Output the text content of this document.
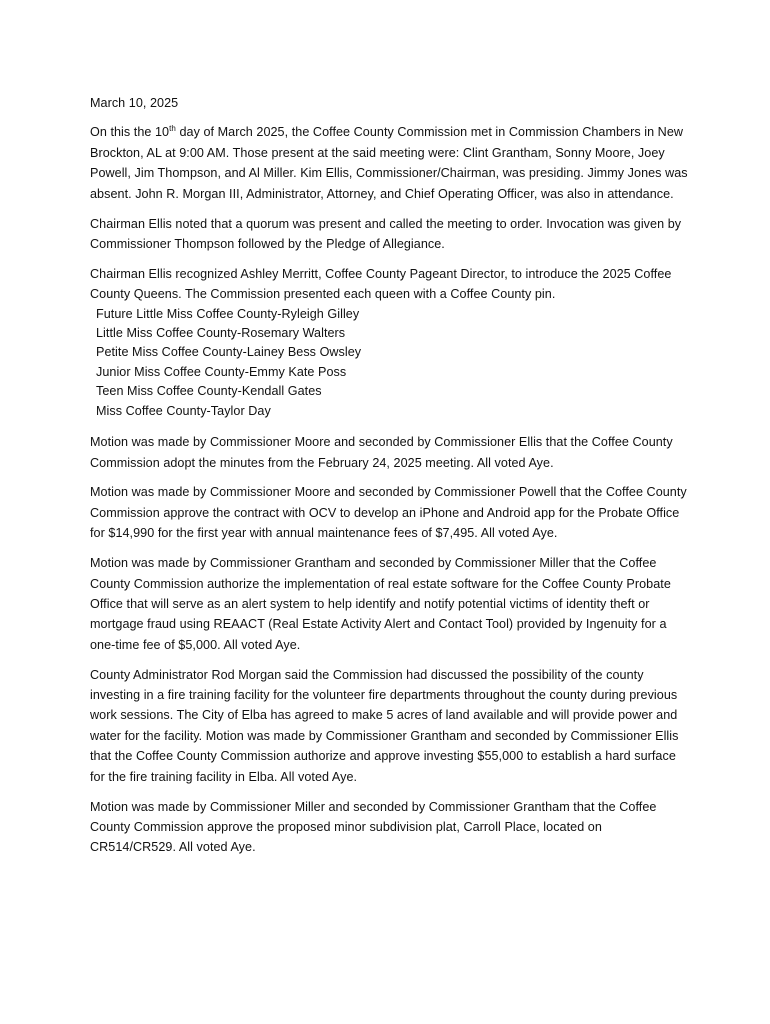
March 10, 2025

On this the 10th day of March 2025, the Coffee County Commission met in Commission Chambers in New Brockton, AL at 9:00 AM. Those present at the said meeting were: Clint Grantham, Sonny Moore, Joey Powell, Jim Thompson, and Al Miller. Kim Ellis, Commissioner/Chairman, was presiding. Jimmy Jones was absent. John R. Morgan III, Administrator, Attorney, and Chief Operating Officer, was also in attendance.

Chairman Ellis noted that a quorum was present and called the meeting to order. Invocation was given by Commissioner Thompson followed by the Pledge of Allegiance.

Chairman Ellis recognized Ashley Merritt, Coffee County Pageant Director, to introduce the 2025 Coffee County Queens. The Commission presented each queen with a Coffee County pin.

Future Little Miss Coffee County-Ryleigh Gilley
Little Miss Coffee County-Rosemary Walters
Petite Miss Coffee County-Lainey Bess Owsley
Junior Miss Coffee County-Emmy Kate Poss
Teen Miss Coffee County-Kendall Gates
Miss Coffee County-Taylor Day

Motion was made by Commissioner Moore and seconded by Commissioner Ellis that the Coffee County Commission adopt the minutes from the February 24, 2025 meeting. All voted Aye.

Motion was made by Commissioner Moore and seconded by Commissioner Powell that the Coffee County Commission approve the contract with OCV to develop an iPhone and Android app for the Probate Office for $14,990 for the first year with annual maintenance fees of $7,495. All voted Aye.

Motion was made by Commissioner Grantham and seconded by Commissioner Miller that the Coffee County Commission authorize the implementation of real estate software for the Coffee County Probate Office that will serve as an alert system to help identify and notify potential victims of identity theft or mortgage fraud using REAACT (Real Estate Activity Alert and Contact Tool) provided by Ingenuity for a one-time fee of $5,000. All voted Aye.

County Administrator Rod Morgan said the Commission had discussed the possibility of the county investing in a fire training facility for the volunteer fire departments throughout the county during previous work sessions. The City of Elba has agreed to make 5 acres of land available and will provide power and water for the facility. Motion was made by Commissioner Grantham and seconded by Commissioner Ellis that the Coffee County Commission authorize and approve investing $55,000 to establish a hard surface for the fire training facility in Elba. All voted Aye.

Motion was made by Commissioner Miller and seconded by Commissioner Grantham that the Coffee County Commission approve the proposed minor subdivision plat, Carroll Place, located on CR514/CR529. All voted Aye.
